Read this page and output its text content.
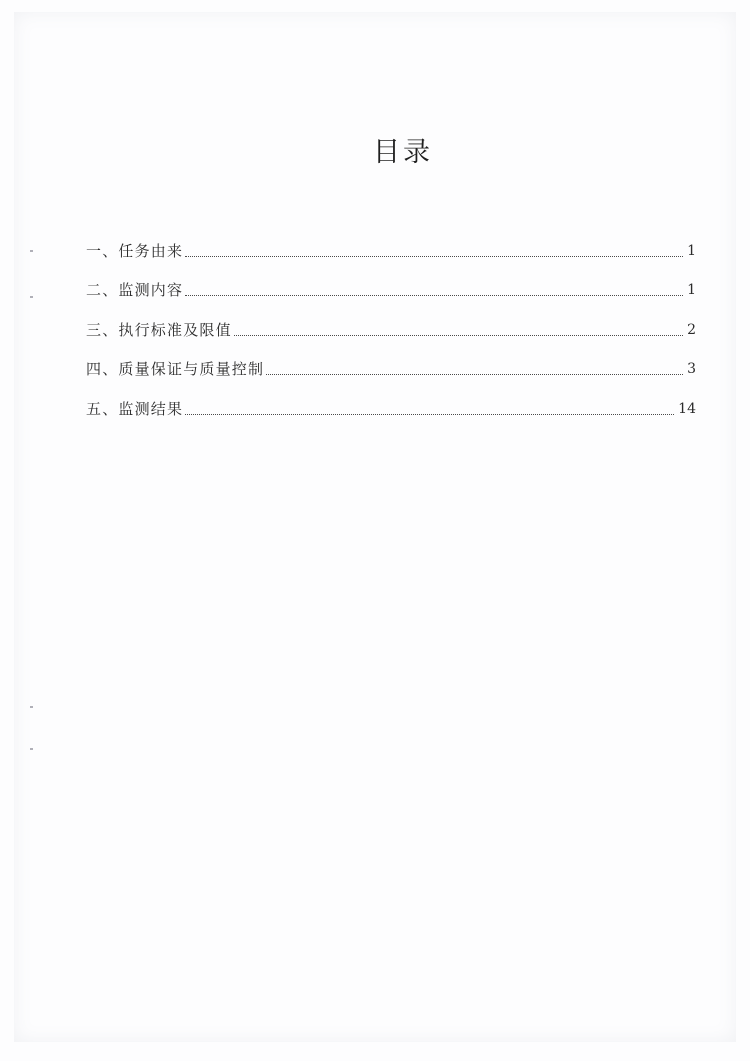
目录
一、任务由来	1
二、监测内容	1
三、执行标准及限值	2
四、质量保证与质量控制	3
五、监测结果	14
